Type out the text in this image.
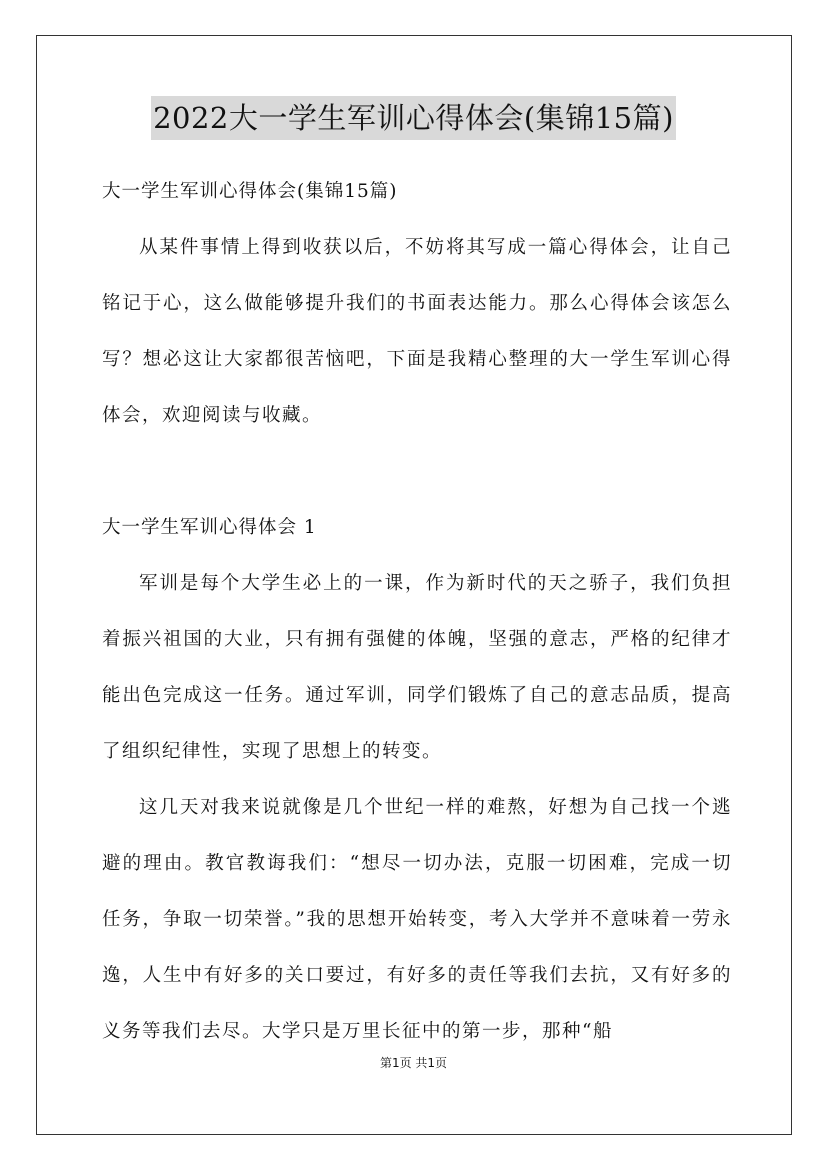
2022大一学生军训心得体会(集锦15篇)

大一学生军训心得体会(集锦15篇)

从某件事情上得到收获以后，不妨将其写成一篇心得体会，让自己铭记于心，这么做能够提升我们的书面表达能力。那么心得体会该怎么写？想必这让大家都很苦恼吧，下面是我精心整理的大一学生军训心得体会，欢迎阅读与收藏。

大一学生军训心得体会 1

军训是每个大学生必上的一课，作为新时代的天之骄子，我们负担着振兴祖国的大业，只有拥有强健的体魄，坚强的意志，严格的纪律才能出色完成这一任务。通过军训，同学们锻炼了自己的意志品质，提高了组织纪律性，实现了思想上的转变。

这几天对我来说就像是几个世纪一样的难熬，好想为自己找一个逃避的理由。教官教诲我们：“想尽一切办法，克服一切困难，完成一切任务，争取一切荣誉。”我的思想开始转变，考入大学并不意味着一劳永逸，人生中有好多的关口要过，有好多的责任等我们去抗，又有好多的义务等我们去尽。大学只是万里长征中的第一步，那种“船

第1页 共1页
